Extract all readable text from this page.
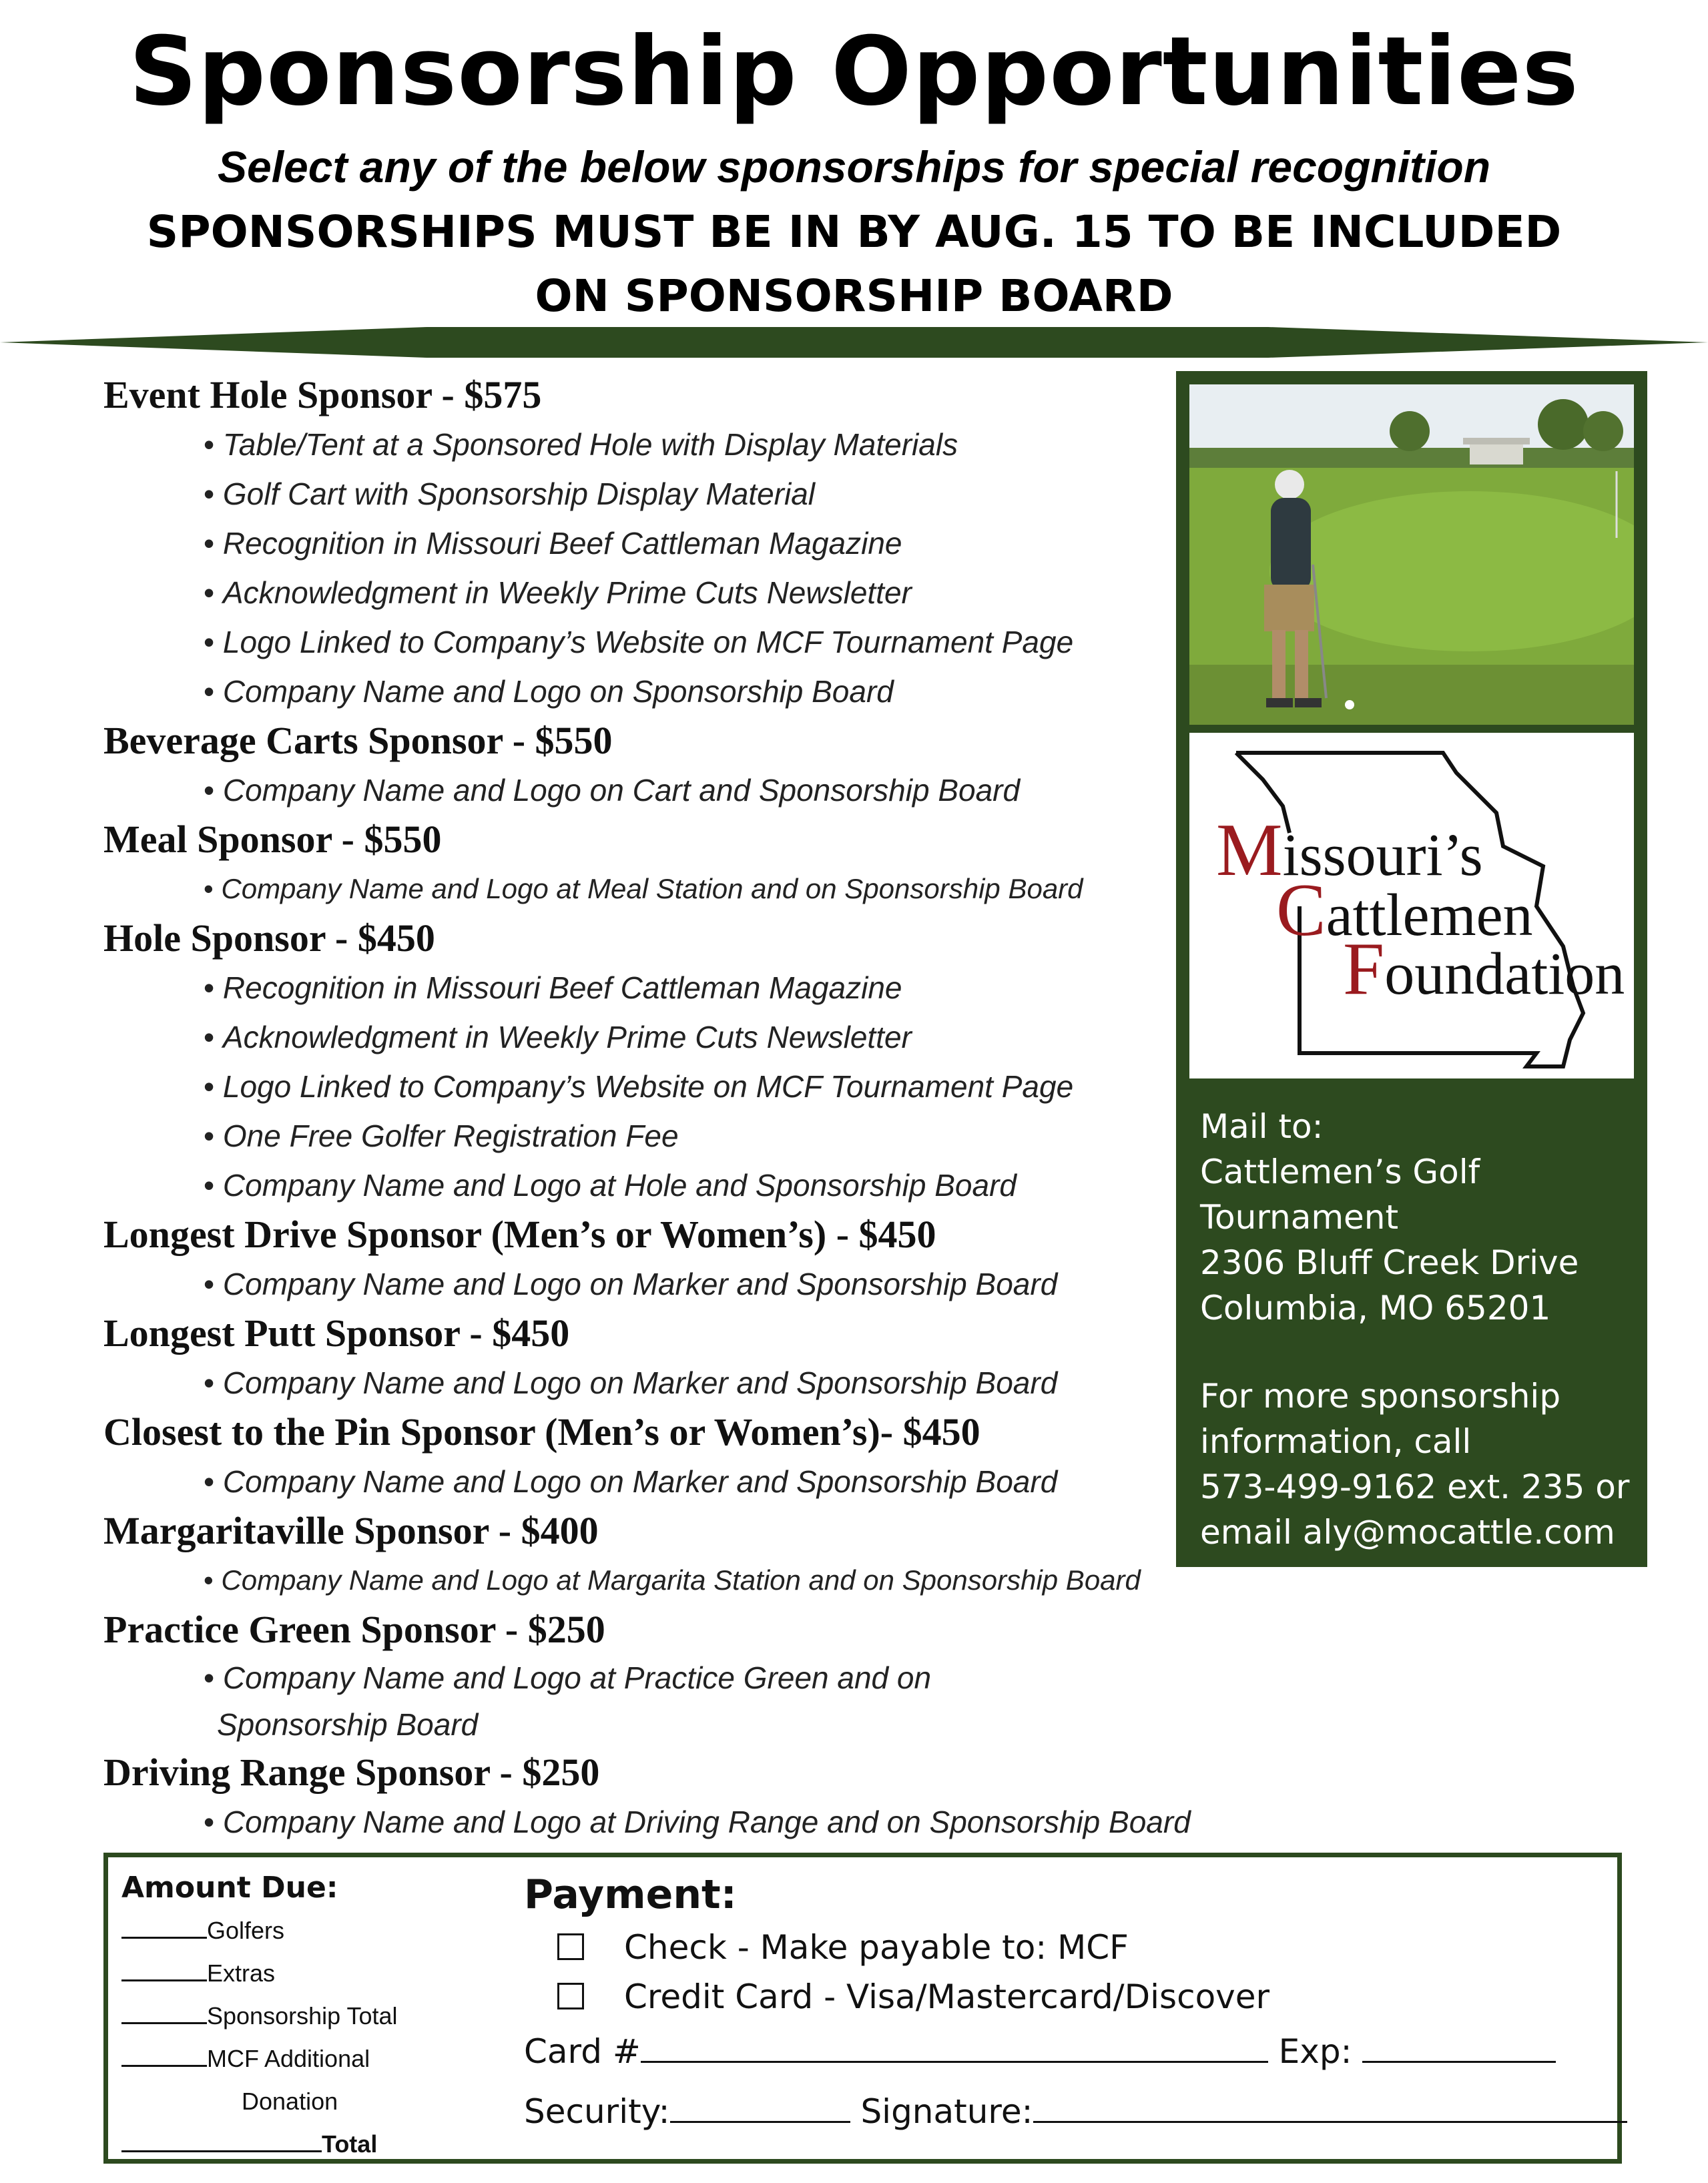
Sponsorship Opportunities
Select any of the below sponsorships for special recognition
SPONSORSHIPS MUST BE IN BY AUG. 15 TO BE INCLUDED
ON SPONSORSHIP BOARD
Event Hole Sponsor - $575
• Table/Tent at a Sponsored Hole with Display Materials
• Golf Cart with Sponsorship Display Material
• Recognition in Missouri Beef Cattleman Magazine
• Acknowledgment in Weekly Prime Cuts Newsletter
• Logo Linked to Company’s Website on MCF Tournament Page
• Company Name and Logo on Sponsorship Board
Beverage Carts Sponsor - $550
• Company Name and Logo on Cart and Sponsorship Board
Meal Sponsor - $550
• Company Name and Logo at Meal Station and on Sponsorship Board
Hole Sponsor - $450
• Recognition in Missouri Beef Cattleman Magazine
• Acknowledgment in Weekly Prime Cuts Newsletter
• Logo Linked to Company’s Website on MCF Tournament Page
• One Free Golfer Registration Fee
• Company Name and Logo at Hole and Sponsorship Board
Longest Drive Sponsor (Men’s or Women’s) - $450
• Company Name and Logo on Marker and Sponsorship Board
Longest Putt Sponsor - $450
• Company Name and Logo on Marker and Sponsorship Board
Closest to the Pin Sponsor (Men’s or Women’s)- $450
• Company Name and Logo on Marker and Sponsorship Board
Margaritaville Sponsor - $400
• Company Name and Logo at Margarita Station and on Sponsorship Board
Practice Green Sponsor - $250
• Company Name and Logo at Practice Green and on
Sponsorship Board
Driving Range Sponsor - $250
• Company Name and Logo at Driving Range and on Sponsorship Board
Missouri’s
Cattlemen
Foundation
Mail to:
Cattlemen’s Golf
Tournament
2306 Bluff Creek Drive
Columbia, MO 65201
For more sponsorship
information, call
573-499-9162 ext. 235 or
email aly@mocattle.com
Amount Due:
Golfers
Extras
Sponsorship Total
MCF Additional
Donation
Total
Payment:
Check - Make payable to: MCF
Credit Card - Visa/Mastercard/Discover
Card #	Exp:
Security:	Signature:
